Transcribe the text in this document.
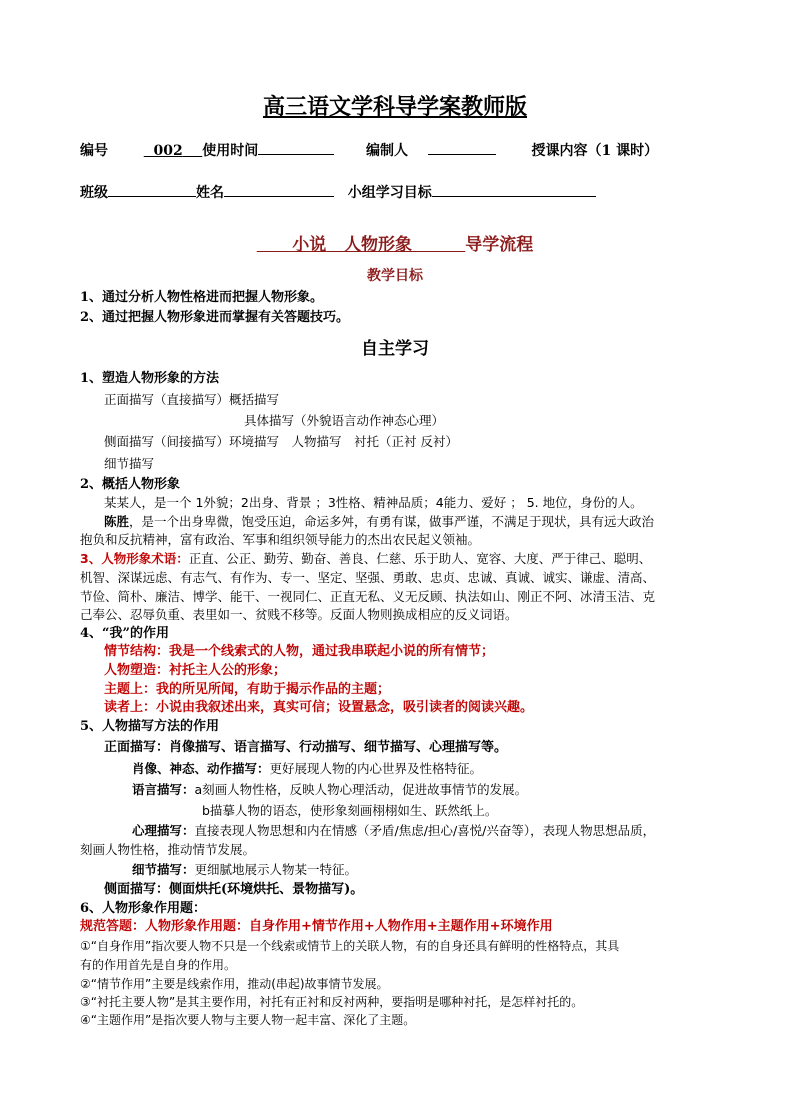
高三语文学科导学案教师版
编号	002 使用时间	编制人	授课内容（1 课时）
班级	姓名	小组学习目标
小说 人物形象	导学流程
教学目标
1、通过分析人物性格进而把握人物形象。
2、通过把握人物形象进而掌握有关答题技巧。
自主学习
1、塑造人物形象的方法
正面描写（直接描写）概括描写
具体描写（外貌语言动作神态心理）
侧面描写（间接描写）环境描写　人物描写　衬托（正衬 反衬）
细节描写
2、概括人物形象
某某人，是一个 1外貌；2出身、背景 ；3性格、精神品质；4能力、爱好 ； 5. 地位，身份的人。
陈胜，是一个出身卑微，饱受压迫，命运多舛，有勇有谋，做事严谨，不满足于现状，具有远大政治
抱负和反抗精神，富有政治、军事和组织领导能力的杰出农民起义领袖。
3、人物形象术语：正直、公正、勤劳、勤奋、善良、仁慈、乐于助人、宽容、大度、严于律己、聪明、
机智、深谋远虑、有志气、有作为、专一、坚定、坚强、勇敢、忠贞、忠诚、真诚、诚实、谦虚、清高、
节俭、简朴、廉洁、博学、能干、一视同仁、正直无私、义无反顾、执法如山、刚正不阿、冰清玉洁、克
己奉公、忍辱负重、表里如一、贫贱不移等。反面人物则换成相应的反义词语。
4、“我”的作用
情节结构：我是一个线索式的人物，通过我串联起小说的所有情节；
人物塑造：衬托主人公的形象；
主题上：我的所见所闻，有助于揭示作品的主题；
读者上：小说由我叙述出来，真实可信；设置悬念，吸引读者的阅读兴趣。
5、人物描写方法的作用
正面描写：肖像描写、语言描写、行动描写、细节描写、心理描写等。
肖像、神态、动作描写：更好展现人物的内心世界及性格特征。
语言描写：a刻画人物性格，反映人物心理活动，促进故事情节的发展。
b描摹人物的语态，使形象刻画栩栩如生、跃然纸上。
心理描写：直接表现人物思想和内在情感（矛盾/焦虑/担心/喜悦/兴奋等），表现人物思想品质，
刻画人物性格，推动情节发展。
细节描写：更细腻地展示人物某一特征。
侧面描写：侧面烘托(环境烘托、景物描写)。
6、人物形象作用题：
规范答题：人物形象作用题：自身作用+情节作用+人物作用+主题作用+环境作用
①“自身作用”指次要人物不只是一个线索或情节上的关联人物，有的自身还具有鲜明的性格特点，其具
有的作用首先是自身的作用。
②“情节作用”主要是线索作用，推动(串起)故事情节发展。
③“衬托主要人物”是其主要作用，衬托有正衬和反衬两种，要指明是哪种衬托，是怎样衬托的。
④“主题作用”是指次要人物与主要人物一起丰富、深化了主题。
